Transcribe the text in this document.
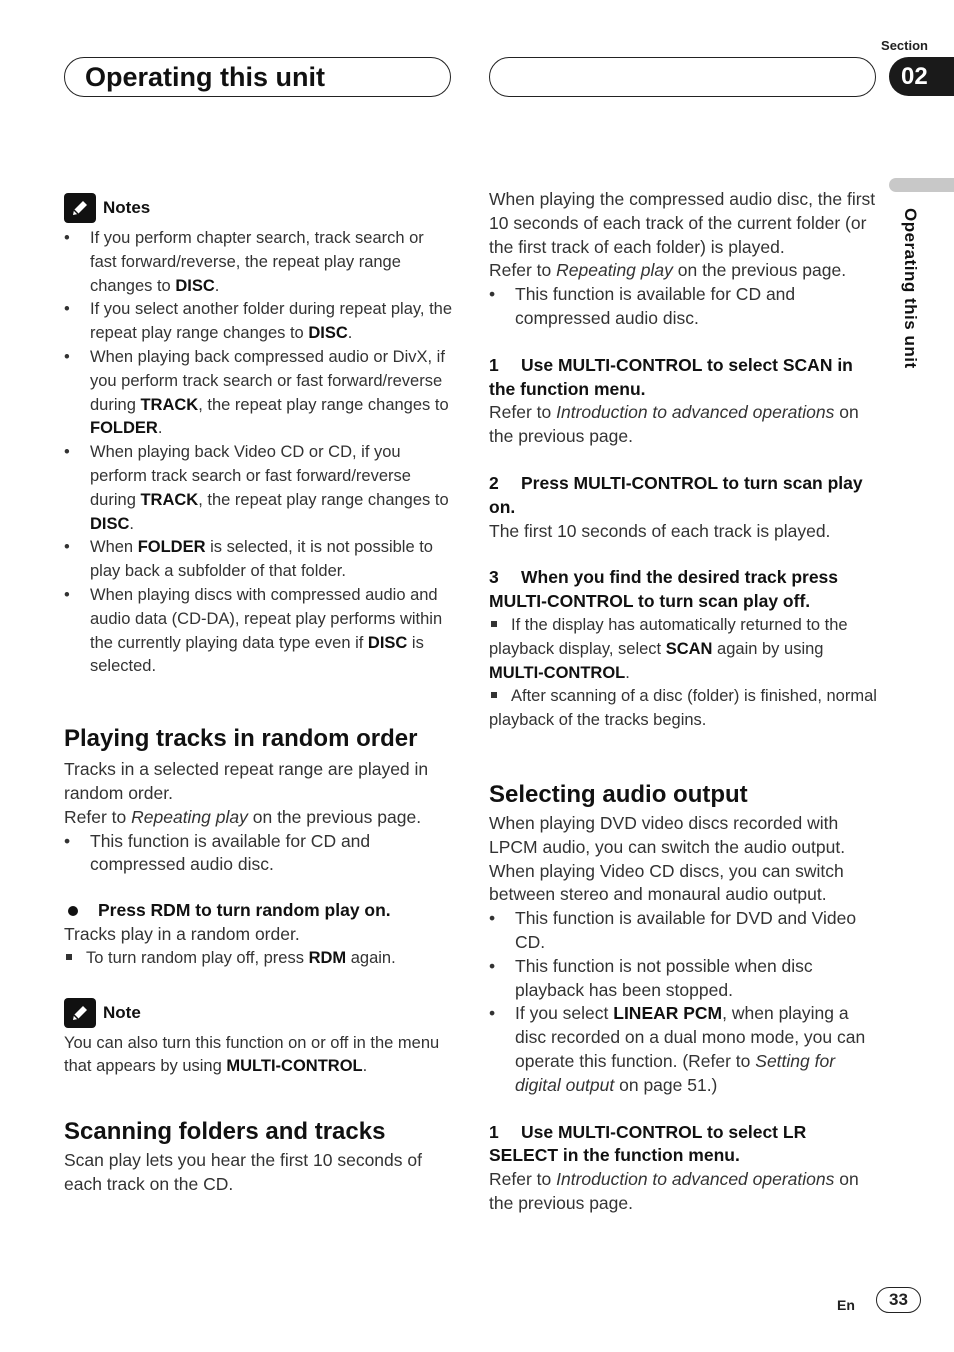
Operating this unit
Section
02
Operating this unit
Notes
• If you perform chapter search, track search or fast forward/reverse, the repeat play range changes to DISC.
• If you select another folder during repeat play, the repeat play range changes to DISC.
• When playing back compressed audio or DivX, if you perform track search or fast forward/reverse during TRACK, the repeat play range changes to FOLDER.
• When playing back Video CD or CD, if you perform track search or fast forward/reverse during TRACK, the repeat play range changes to DISC.
• When FOLDER is selected, it is not possible to play back a subfolder of that folder.
• When playing discs with compressed audio and audio data (CD-DA), repeat play performs within the currently playing data type even if DISC is selected.
Playing tracks in random order

Tracks in a selected repeat range are played in random order.

Refer to Repeating play on the previous page.

• This function is available for CD and compressed audio disc.

Press RDM to turn random play on.

Tracks play in a random order.

To turn random play off, press RDM again.

Note

You can also turn this function on or off in the menu that appears by using MULTI-CONTROL.

Scanning folders and tracks

Scan play lets you hear the first 10 seconds of each track on the CD.

When playing the compressed audio disc, the first 10 seconds of each track of the current folder (or the first track of each folder) is played.

Refer to Repeating play on the previous page.

• This function is available for CD and compressed audio disc.

1 Use MULTI-CONTROL to select SCAN in the function menu.

Refer to Introduction to advanced operations on the previous page.

2 Press MULTI-CONTROL to turn scan play on.

The first 10 seconds of each track is played.

3 When you find the desired track press MULTI-CONTROL to turn scan play off.

If the display has automatically returned to the playback display, select SCAN again by using MULTI-CONTROL.

After scanning of a disc (folder) is finished, normal playback of the tracks begins.

Selecting audio output

When playing DVD video discs recorded with LPCM audio, you can switch the audio output. When playing Video CD discs, you can switch between stereo and monaural audio output.

• This function is available for DVD and Video CD.
• This function is not possible when disc playback has been stopped.
• If you select LINEAR PCM, when playing a disc recorded on a dual mono mode, you can operate this function. (Refer to Setting for digital output on page 51.)

1 Use MULTI-CONTROL to select LR SELECT in the function menu.

Refer to Introduction to advanced operations on the previous page.

En	33
